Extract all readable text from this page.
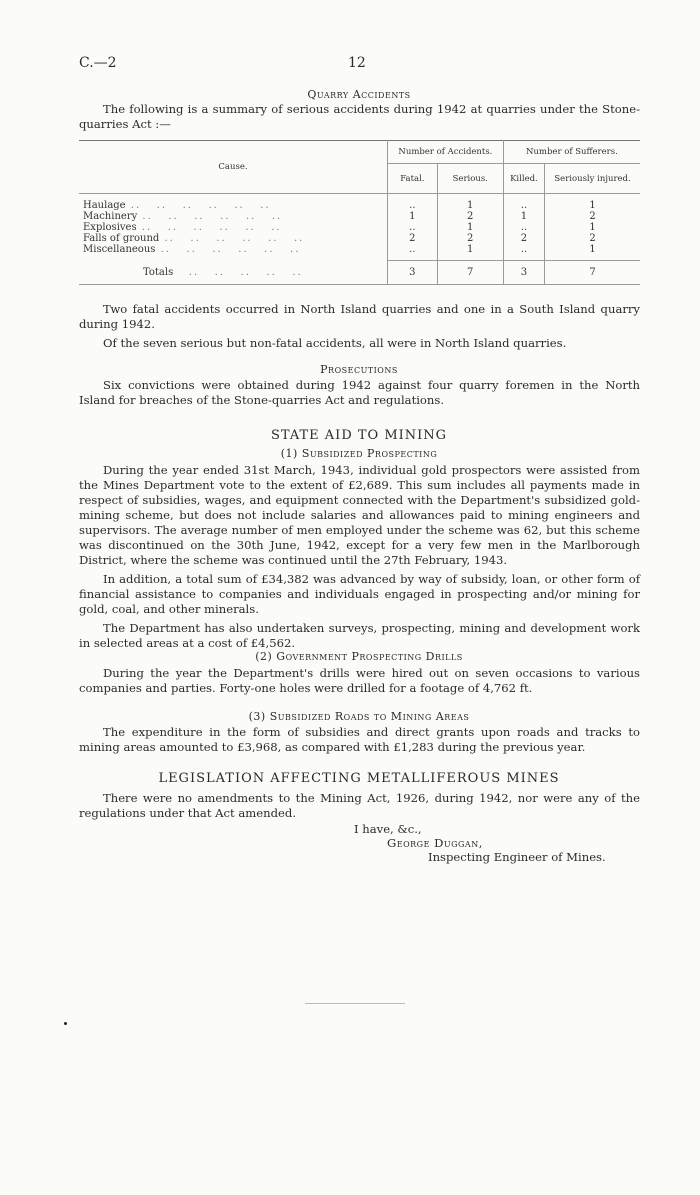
C.—2	12
Quarry Accidents

The following is a summary of serious accidents during 1942 at quarries under the Stone-quarries Act :—

Cause.	Number of Accidents.		Number of Sufferers.	
	Fatal.	Serious.	Killed.	Seriously injured.

Haulage ..   ..   ..   ..   ..   ..	..	1	..	1
Machinery ..   ..   ..   ..   ..   ..	1	2	1	2
Explosives ..   ..   ..   ..   ..   ..	..	1	..	1
Falls of ground ..   ..   ..   ..   ..   ..	2	2	2	2
Miscellaneous ..   ..   ..   ..   ..   ..	..	1	..	1

Totals   ..   ..   ..   ..   ..	3	7	3	7

Two fatal accidents occurred in North Island quarries and one in a South Island quarry during 1942.

Of the seven serious but non-fatal accidents, all were in North Island quarries.

Prosecutions

Six convictions were obtained during 1942 against four quarry foremen in the North Island for breaches of the Stone-quarries Act and regulations.

STATE AID TO MINING
(1) Subsidized Prospecting

During the year ended 31st March, 1943, individual gold prospectors were assisted from the Mines Department vote to the extent of £2,689. This sum includes all payments made in respect of subsidies, wages, and equipment connected with the Department's subsidized gold-mining scheme, but does not include salaries and allowances paid to mining engineers and supervisors. The average number of men employed under the scheme was 62, but this scheme was discontinued on the 30th June, 1942, except for a very few men in the Marlborough District, where the scheme was continued until the 27th February, 1943.

In addition, a total sum of £34,382 was advanced by way of subsidy, loan, or other form of financial assistance to companies and individuals engaged in prospecting and/or mining for gold, coal, and other minerals.

The Department has also undertaken surveys, prospecting, mining and development work in selected areas at a cost of £4,562.

(2) Government Prospecting Drills

During the year the Department's drills were hired out on seven occasions to various companies and parties. Forty-one holes were drilled for a footage of 4,762 ft.

(3) Subsidized Roads to Mining Areas

The expenditure in the form of subsidies and direct grants upon roads and tracks to mining areas amounted to £3,968, as compared with £1,283 during the previous year.

LEGISLATION AFFECTING METALLIFEROUS MINES

There were no amendments to the Mining Act, 1926, during 1942, nor were any of the regulations under that Act amended.

I have, &c.,
George Duggan,
Inspecting Engineer of Mines.
